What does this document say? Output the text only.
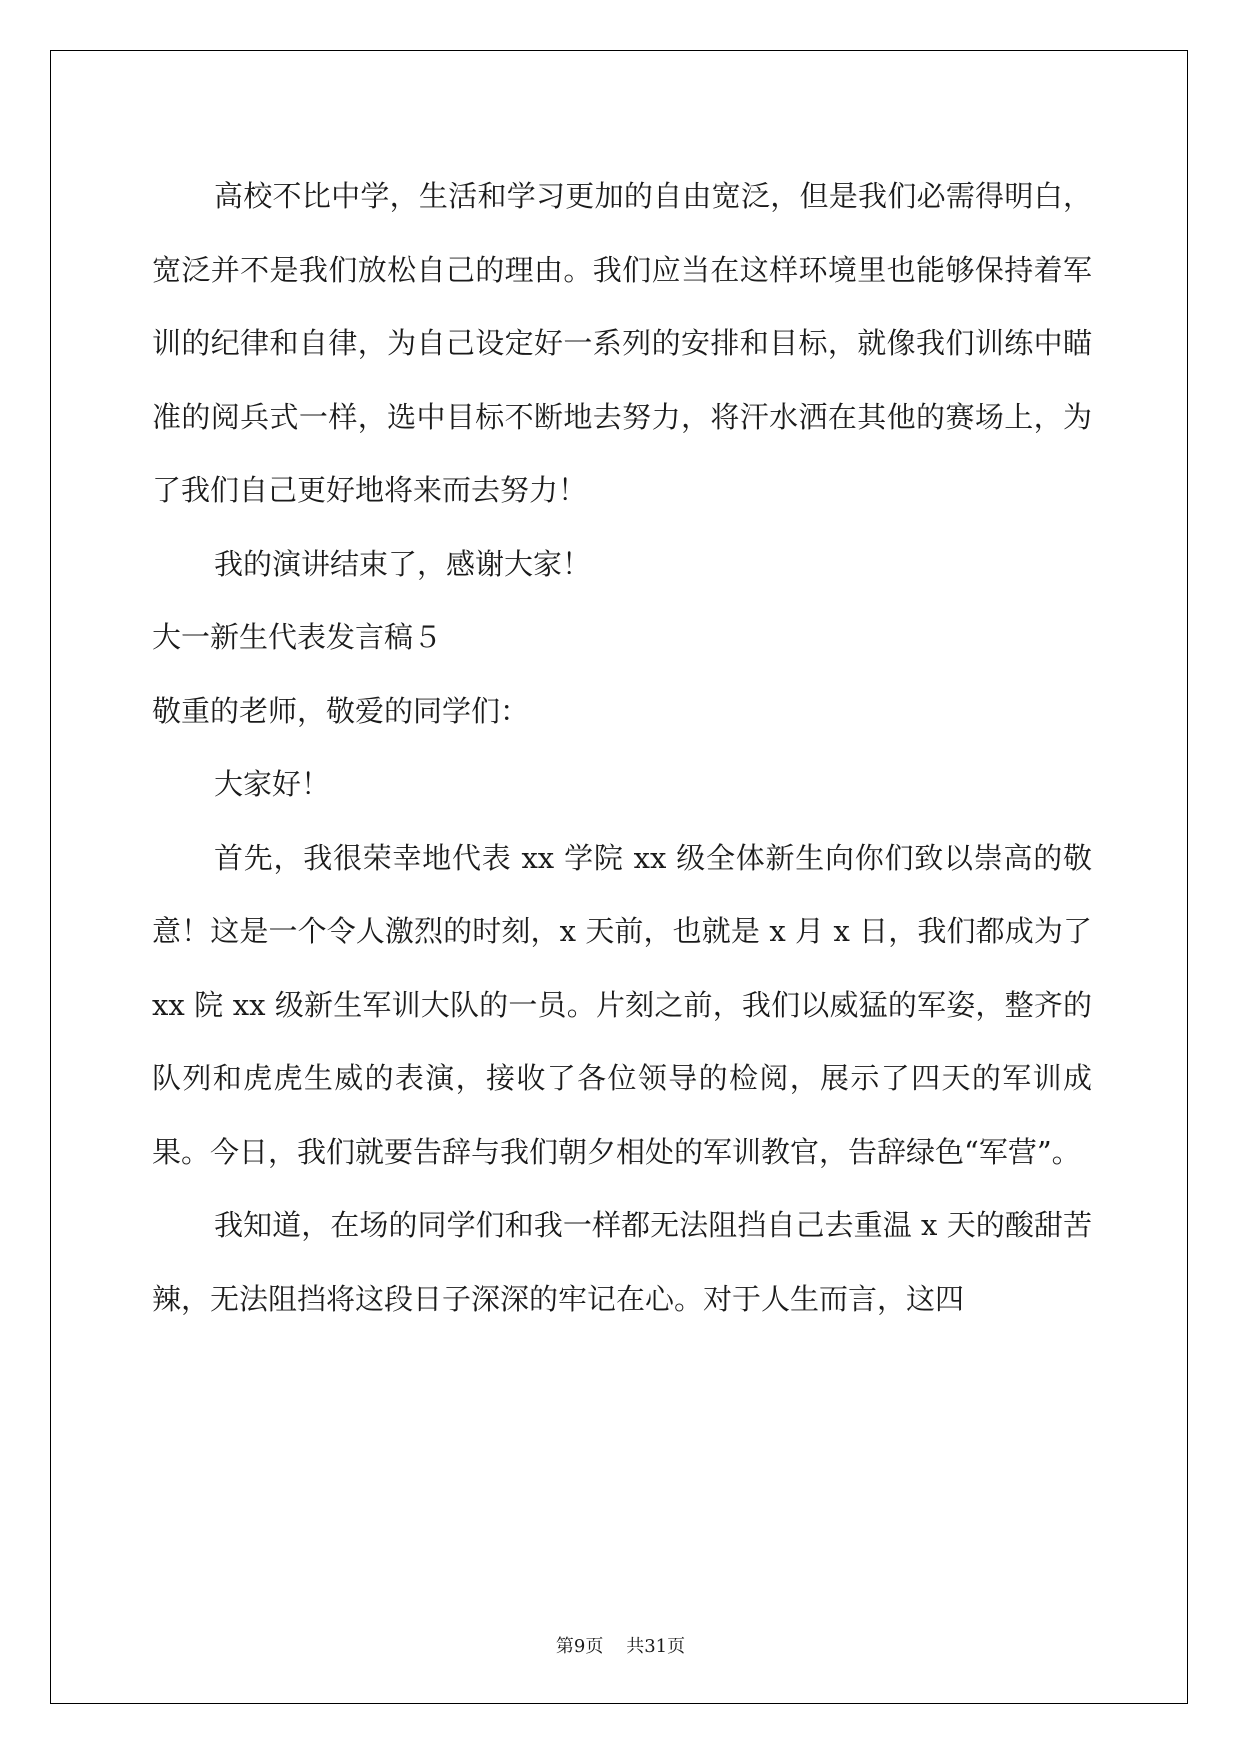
高校不比中学，生活和学习更加的自由宽泛，但是我们必需得明白，宽泛并不是我们放松自己的理由。我们应当在这样环境里也能够保持着军训的纪律和自律，为自己设定好一系列的安排和目标，就像我们训练中瞄准的阅兵式一样，选中目标不断地去努力，将汗水洒在其他的赛场上，为了我们自己更好地将来而去努力！

我的演讲结束了，感谢大家！

大一新生代表发言稿５

敬重的老师，敬爱的同学们：

大家好！

首先，我很荣幸地代表 xx 学院 xx 级全体新生向你们致以崇高的敬意！这是一个令人激烈的时刻，x 天前，也就是 x 月 x 日，我们都成为了 xx 院 xx 级新生军训大队的一员。片刻之前，我们以威猛的军姿，整齐的队列和虎虎生威的表演，接收了各位领导的检阅，展示了四天的军训成果。今日，我们就要告辞与我们朝夕相处的军训教官，告辞绿色“军营”。

我知道，在场的同学们和我一样都无法阻挡自己去重温 x 天的酸甜苦辣，无法阻挡将这段日子深深的牢记在心。对于人生而言，这四

第9页 共31页
